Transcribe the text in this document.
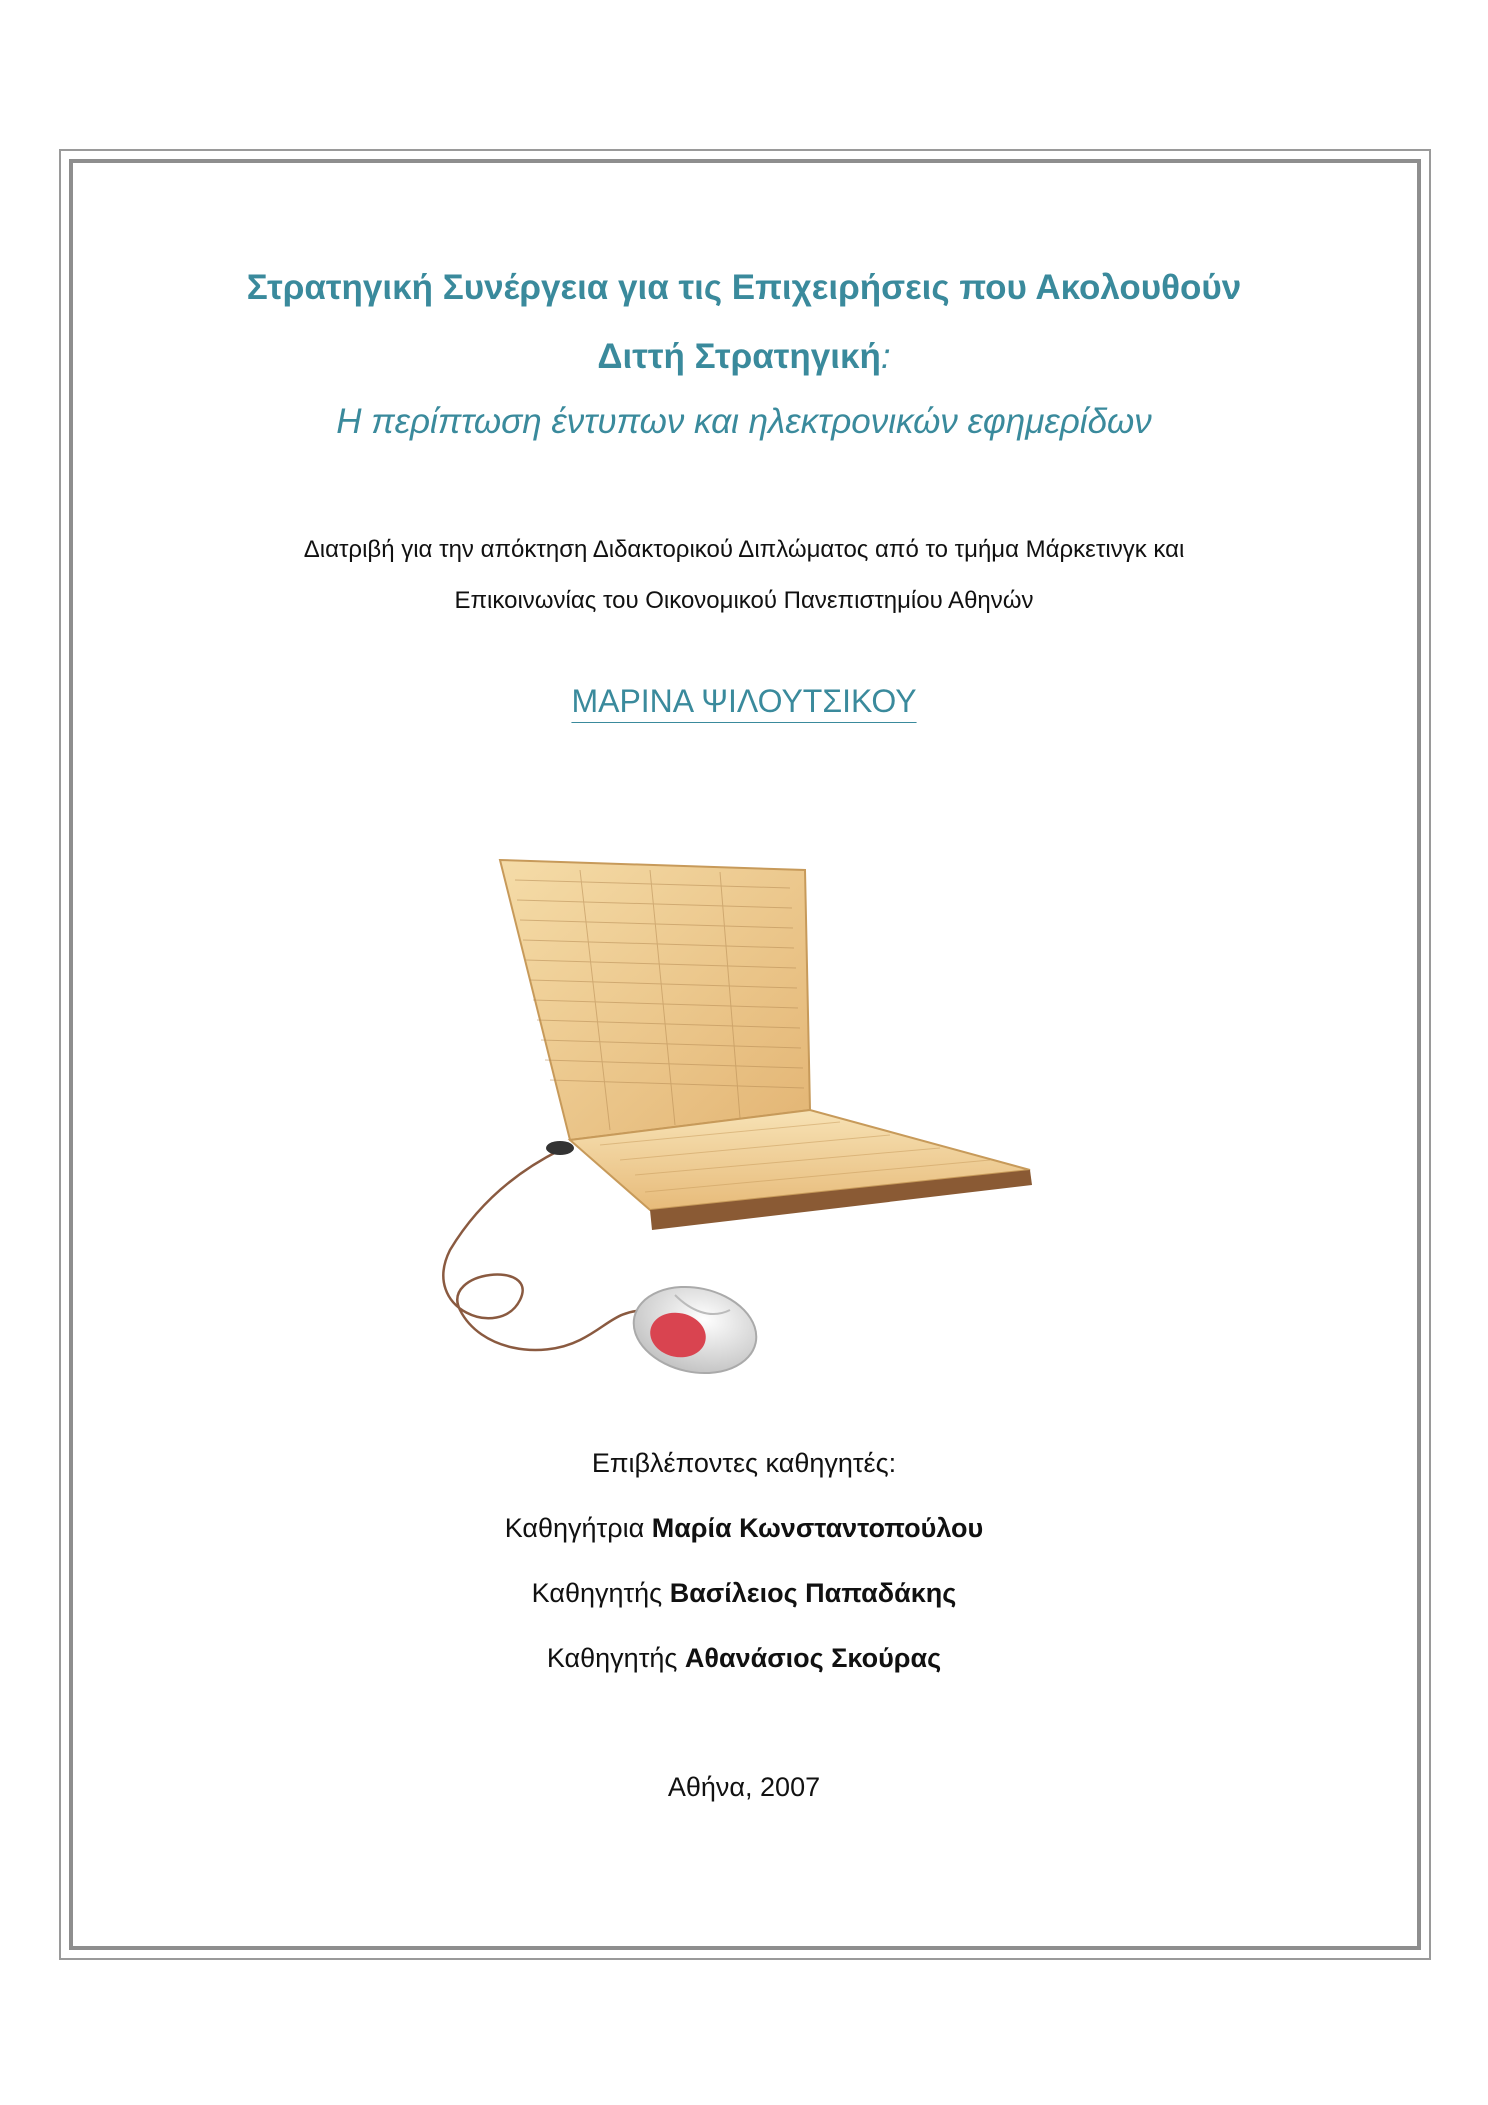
Στρατηγική Συνέργεια για τις Επιχειρήσεις που Ακολουθούν
Διττή Στρατηγική:
Η περίπτωση έντυπων και ηλεκτρονικών εφημερίδων
Διατριβή για την απόκτηση Διδακτορικού Διπλώματος από το τμήμα Μάρκετινγκ και
Επικοινωνίας του Οικονομικού Πανεπιστημίου Αθηνών
ΜΑΡΙΝΑ ΨΙΛΟΥΤΣΙΚΟΥ
Επιβλέποντες καθηγητές:
Καθηγήτρια Μαρία Κωνσταντοπούλου
Καθηγητής Βασίλειος Παπαδάκης
Καθηγητής Αθανάσιος Σκούρας
Αθήνα, 2007
